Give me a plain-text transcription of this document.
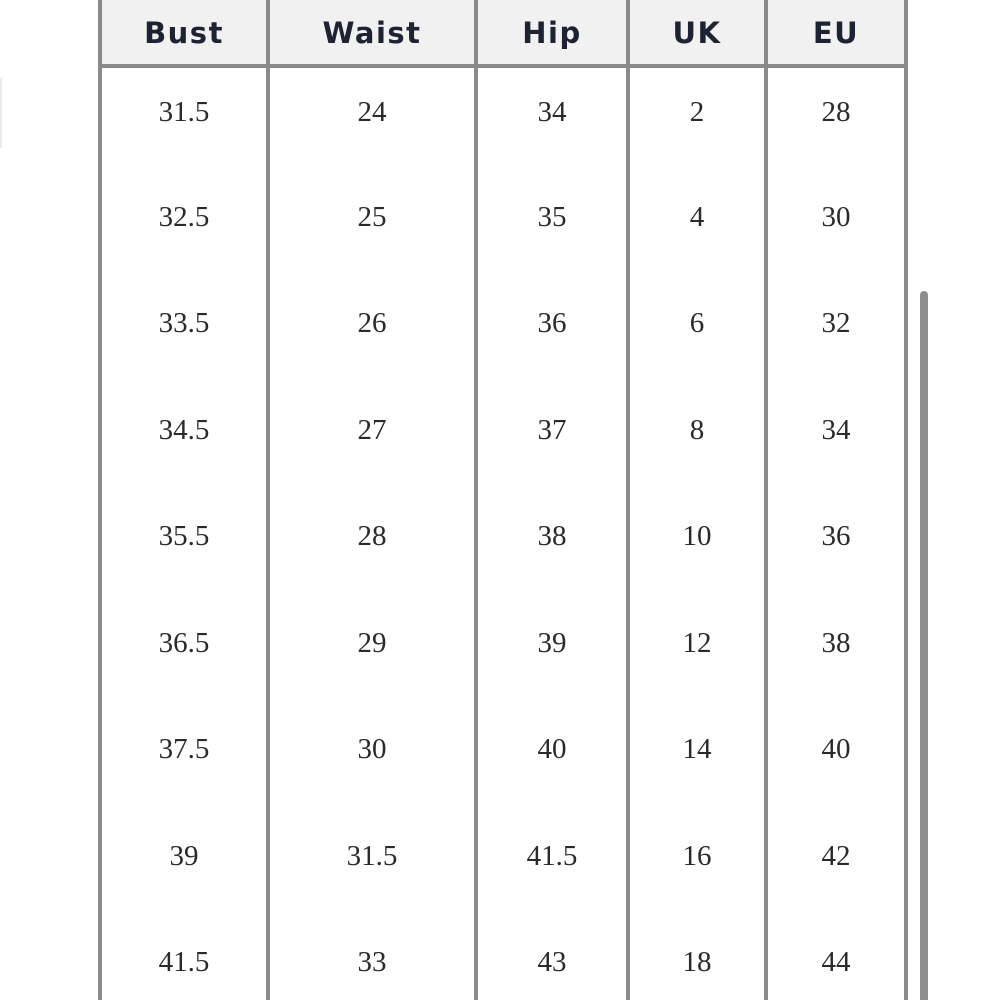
Bust	Waist	Hip	UK	EU
31.5	24	34	2	28
32.5	25	35	4	30
33.5	26	36	6	32
34.5	27	37	8	34
35.5	28	38	10	36
36.5	29	39	12	38
37.5	30	40	14	40
39	31.5	41.5	16	42
41.5	33	43	18	44
